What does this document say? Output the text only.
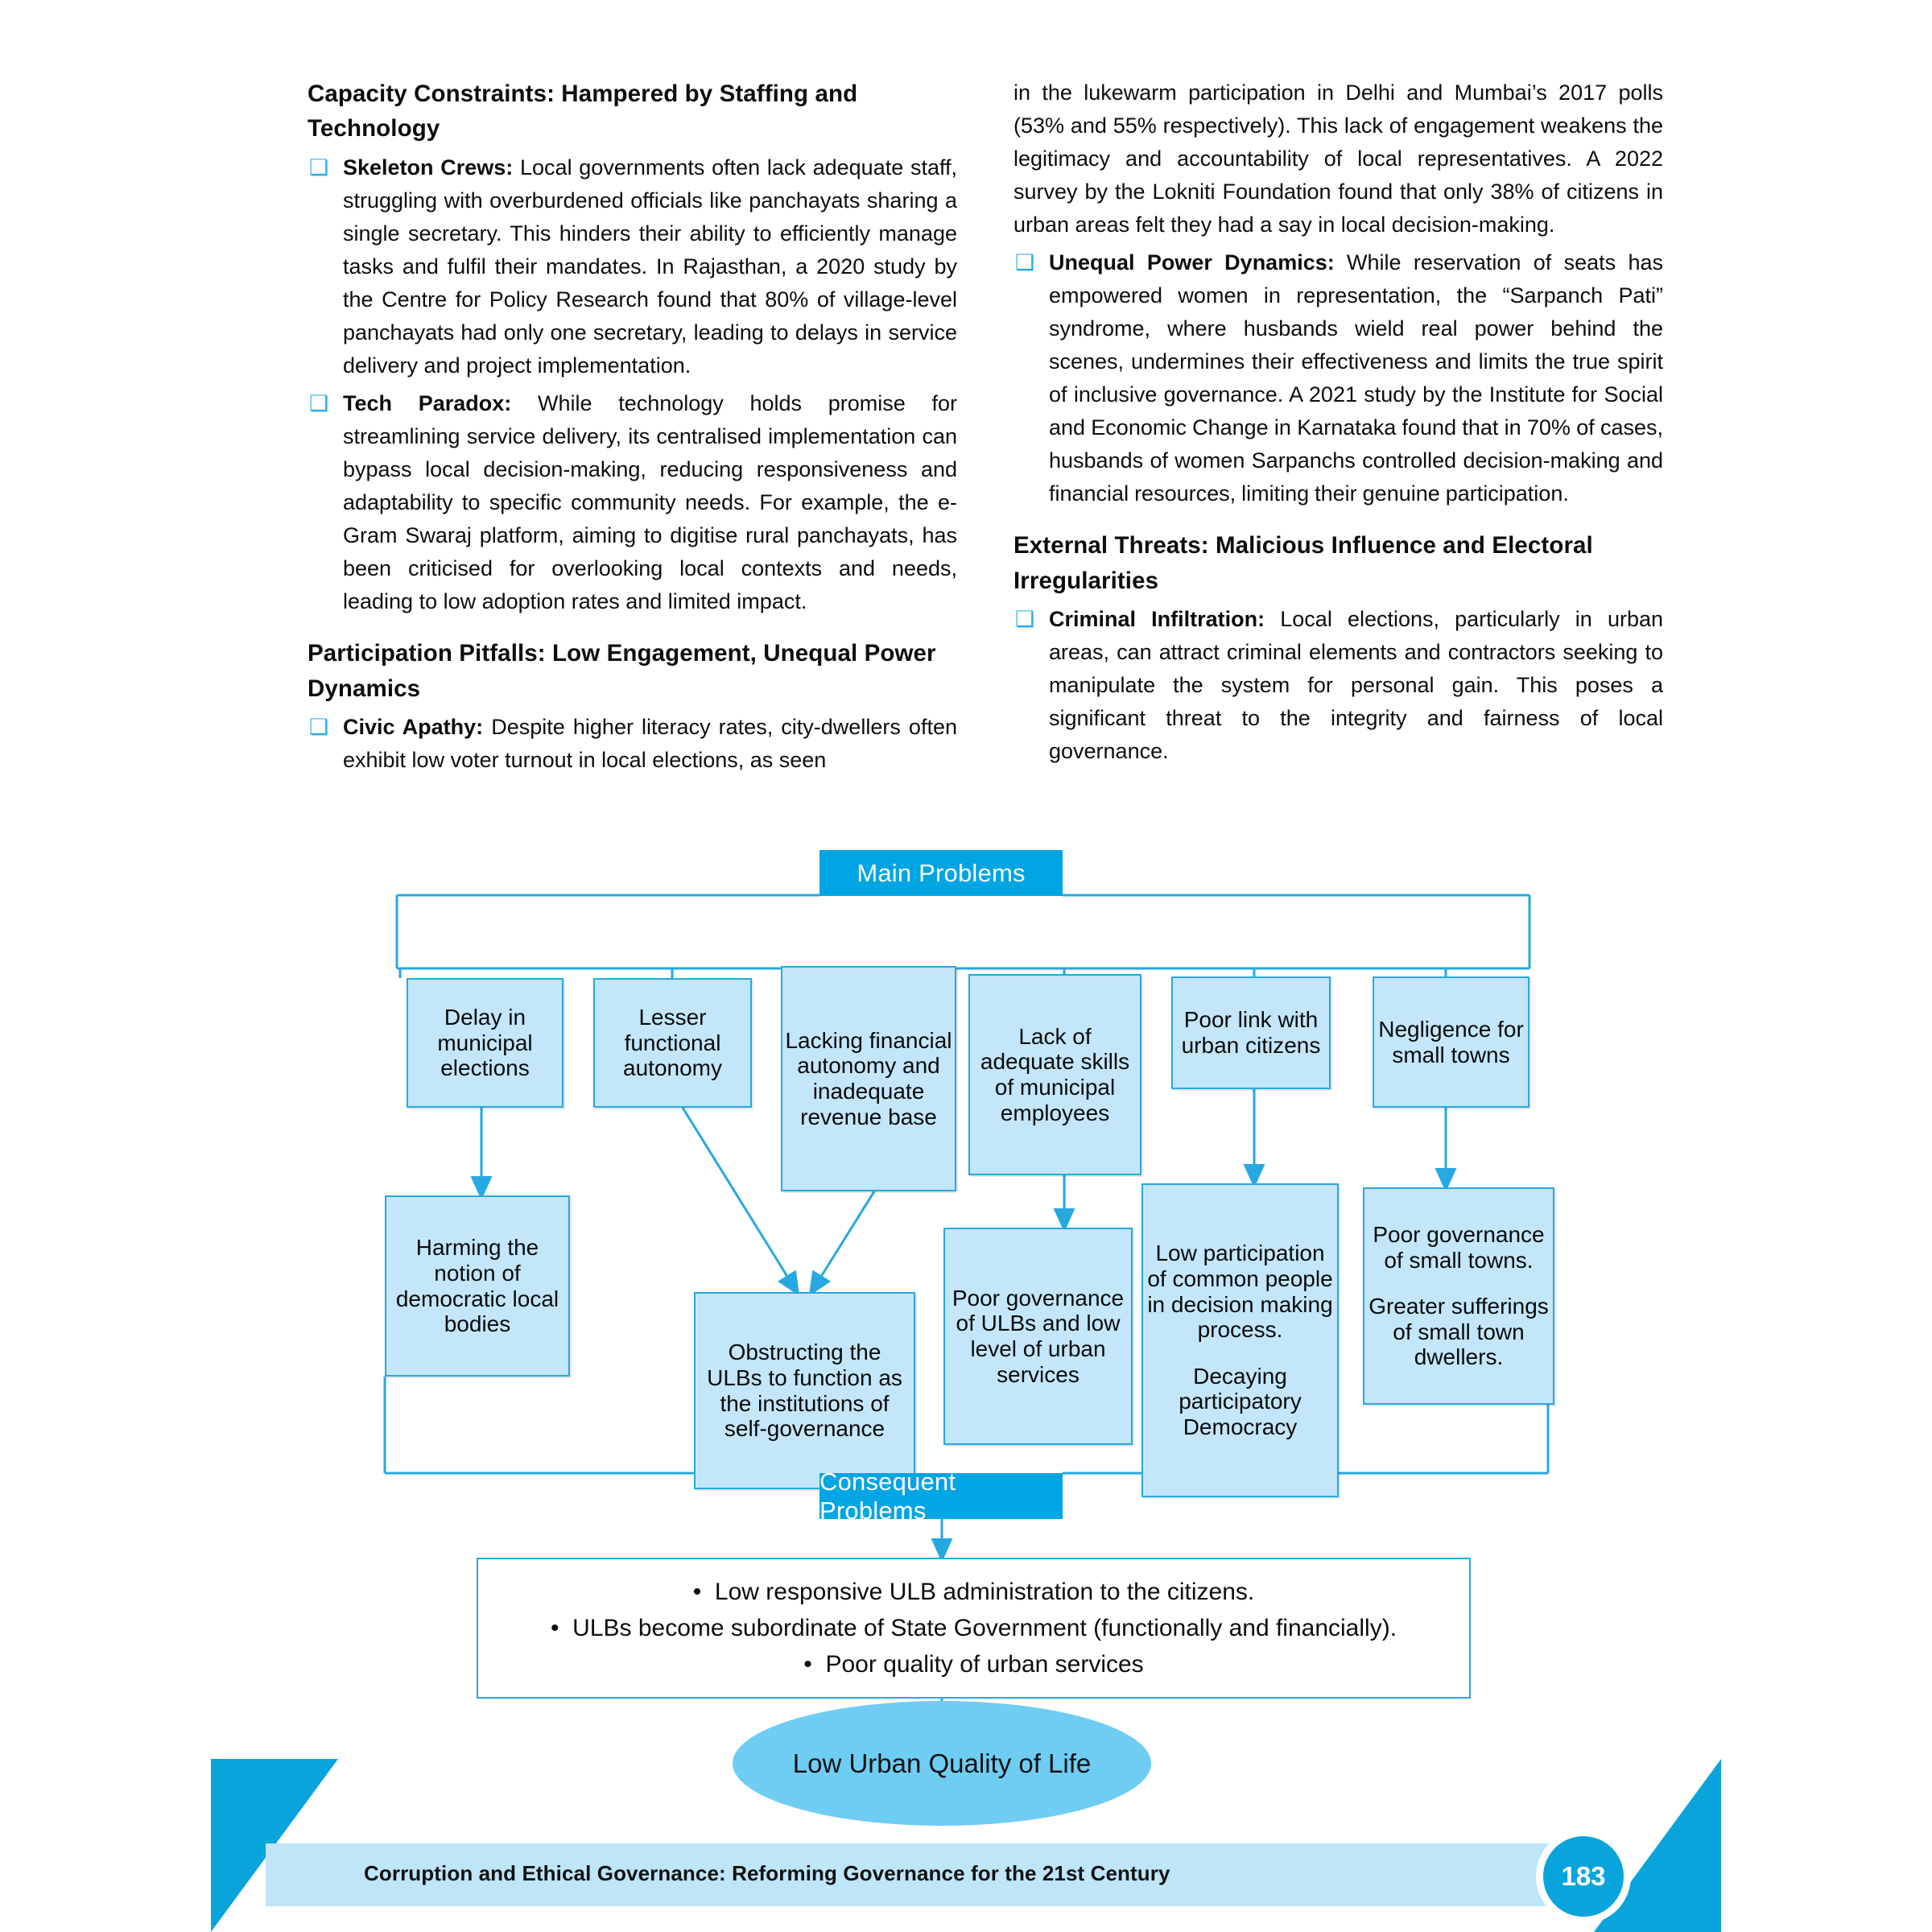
Capacity Constraints: Hampered by Staffing and Technology
❑ Skeleton Crews: Local governments often lack adequate staff, struggling with overburdened officials like panchayats sharing a single secretary. This hinders their ability to efficiently manage tasks and fulfil their mandates. In Rajasthan, a 2020 study by the Centre for Policy Research found that 80% of village-level panchayats had only one secretary, leading to delays in service delivery and project implementation.
❑ Tech Paradox: While technology holds promise for streamlining service delivery, its centralised implementation can bypass local decision-making, reducing responsiveness and adaptability to specific community needs. For example, the e-Gram Swaraj platform, aiming to digitise rural panchayats, has been criticised for overlooking local contexts and needs, leading to low adoption rates and limited impact.
Participation Pitfalls: Low Engagement, Unequal Power Dynamics
❑ Civic Apathy: Despite higher literacy rates, city-dwellers often exhibit low voter turnout in local elections, as seen
in the lukewarm participation in Delhi and Mumbai’s 2017 polls (53% and 55% respectively). This lack of engagement weakens the legitimacy and accountability of local representatives. A 2022 survey by the Lokniti Foundation found that only 38% of citizens in urban areas felt they had a say in local decision-making.
❑ Unequal Power Dynamics: While reservation of seats has empowered women in representation, the “Sarpanch Pati” syndrome, where husbands wield real power behind the scenes, undermines their effectiveness and limits the true spirit of inclusive governance. A 2021 study by the Institute for Social and Economic Change in Karnataka found that in 70% of cases, husbands of women Sarpanchs controlled decision-making and financial resources, limiting their genuine participation.
External Threats: Malicious Influence and Electoral Irregularities
❑ Criminal Infiltration: Local elections, particularly in urban areas, can attract criminal elements and contractors seeking to manipulate the system for personal gain. This poses a significant threat to the integrity and fairness of local governance.
Main Problems
Delay in municipal elections
Lesser functional autonomy
Lacking financial autonomy and inadequate revenue base
Lack of adequate skills of municipal employees
Poor link with urban citizens
Negligence for small towns
Harming the notion of democratic local bodies
Obstructing the ULBs to function as the institutions of self-governance
Poor governance of ULBs and low level of urban services
Low participation of common people in decision making process.
Decaying participatory Democracy
Poor governance of small towns.
Greater sufferings of small town dwellers.
Consequent Problems
•  Low responsive ULB administration to the citizens.
•  ULBs become subordinate of State Government (functionally and financially).
•  Poor quality of urban services
Low Urban Quality of Life
Corruption and Ethical Governance: Reforming Governance for the 21st Century	183
